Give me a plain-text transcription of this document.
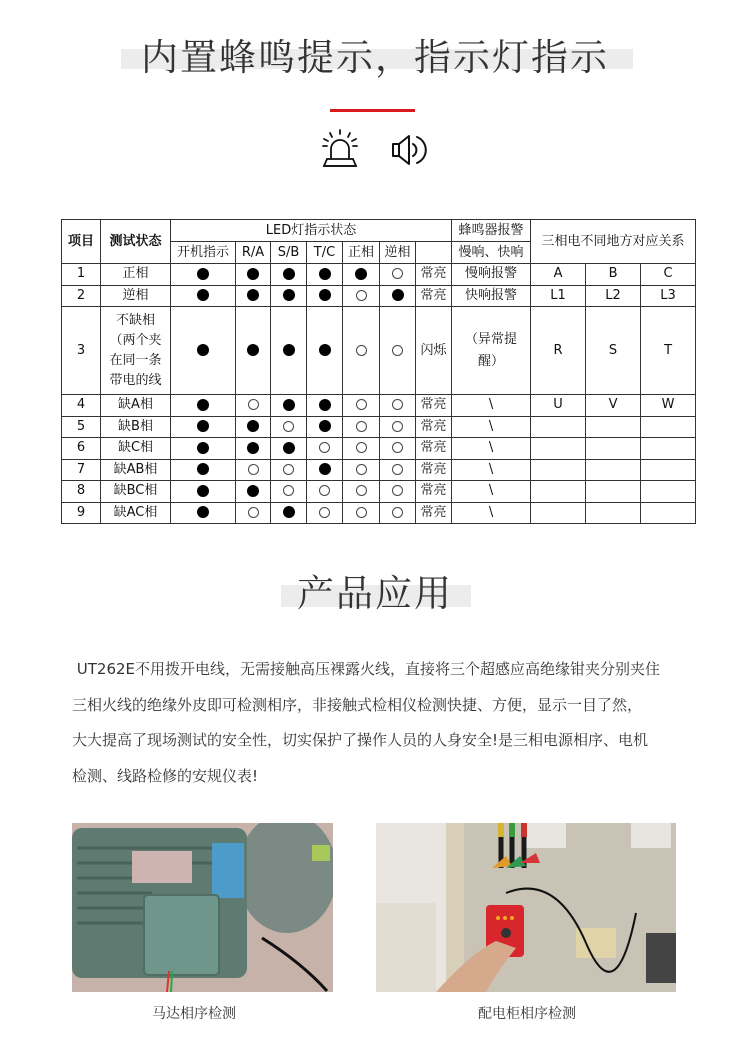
内置蜂鸣提示，指示灯指示
项目	测试状态	LED灯指示状态							蜂鸣器报警	三相电不同地方对应关系		
		开机指示	R/A	S/B	T/C	正相	逆相		慢响、快响			
1	正相							常亮	慢响报警	A	B	C
2	逆相							常亮	快响报警	L1	L2	L3
3	不缺相（两个夹在同一条带电的线							闪烁	（异常提醒）	R	S	T
4	缺A相							常亮	\	U	V	W
5	缺B相							常亮	\			
6	缺C相							常亮	\			
7	缺AB相							常亮	\			
8	缺BC相							常亮	\			
9	缺AC相							常亮	\			
产品应用
UT262E不用拨开电线，无需接触高压裸露火线，直接将三个超感应高绝缘钳夹分别夹住
三相火线的绝缘外皮即可检测相序，非接触式检相仪检测快捷、方便，显示一目了然，
大大提高了现场测试的安全性，切实保护了操作人员的人身安全!是三相电源相序、电机
检测、线路检修的安规仪表!
马达相序检测	配电柜相序检测
